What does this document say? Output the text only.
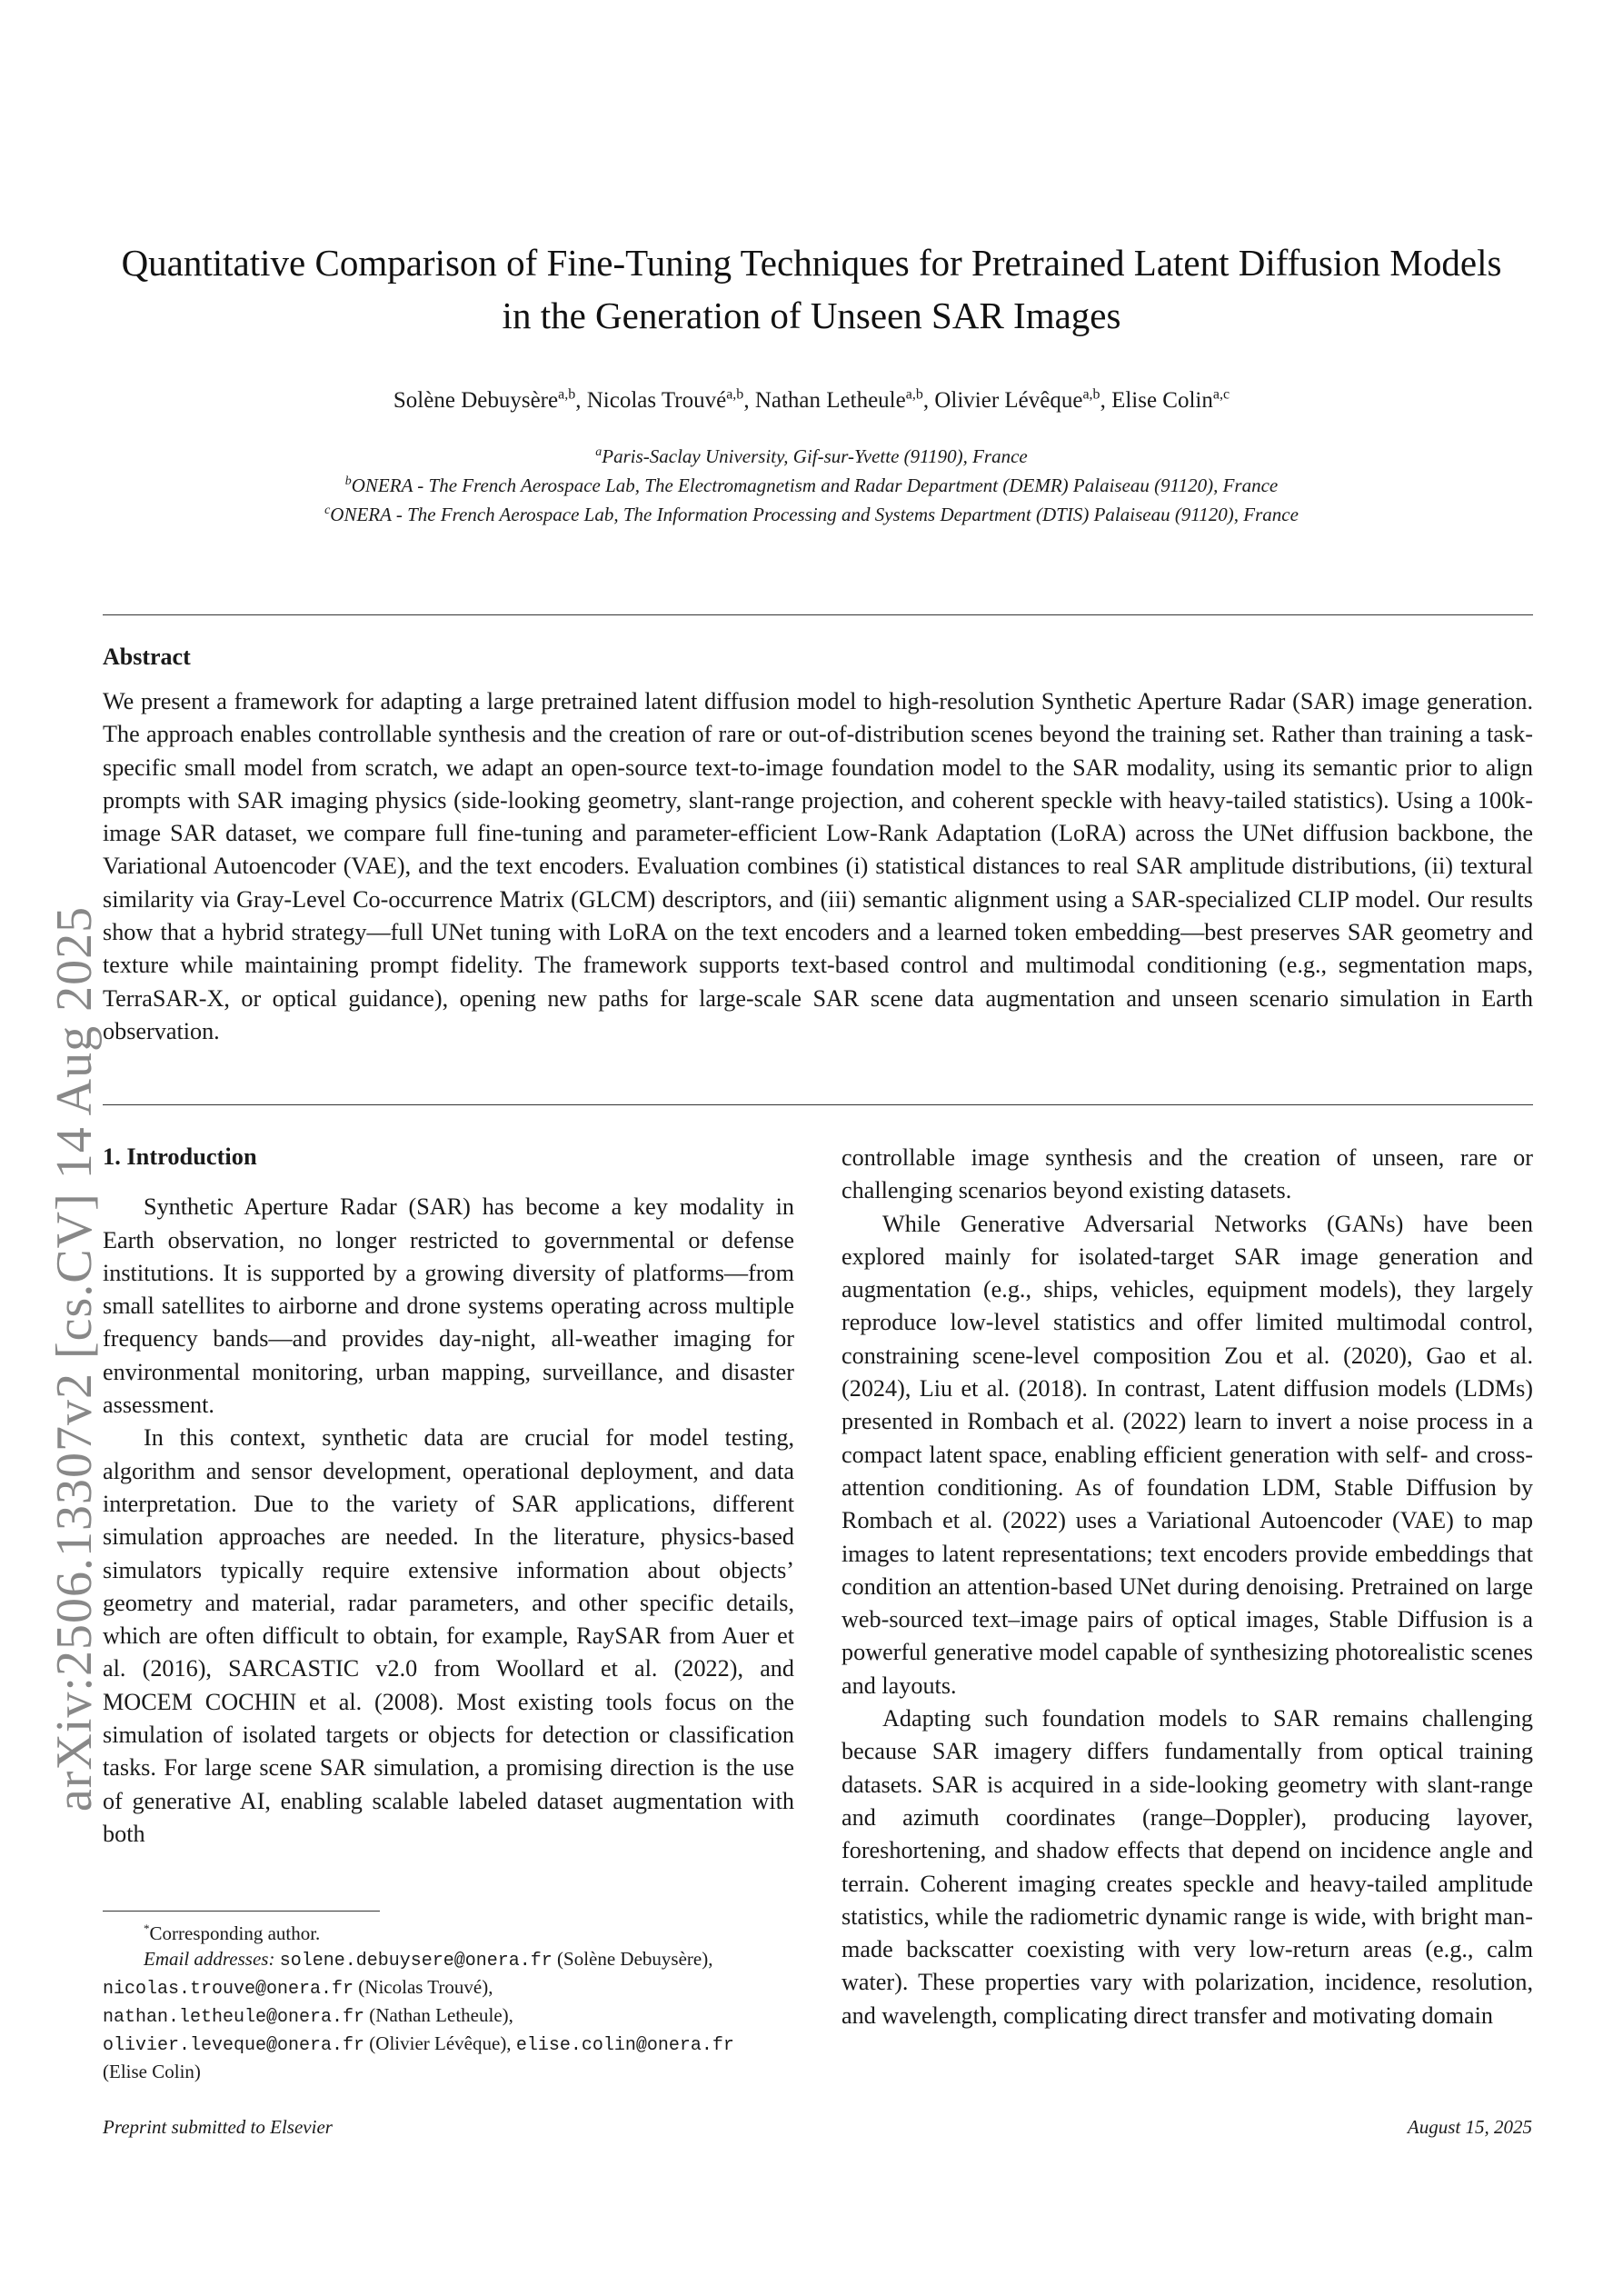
arXiv:2506.13307v2 [cs.CV] 14 Aug 2025
Quantitative Comparison of Fine-Tuning Techniques for Pretrained Latent Diffusion Models
in the Generation of Unseen SAR Images
Solène Debuysère$^{a,b}$, Nicolas Trouvé$^{a,b}$, Nathan Letheule$^{a,b}$, Olivier Lévêque$^{a,b}$, Elise Colin$^{a,c}$
$^a$Paris-Saclay University, Gif-sur-Yvette (91190), France
$^b$ONERA - The French Aerospace Lab, The Electromagnetism and Radar Department (DEMR) Palaiseau (91120), France
$^c$ONERA - The French Aerospace Lab, The Information Processing and Systems Department (DTIS) Palaiseau (91120), France
Abstract
We present a framework for adapting a large pretrained latent diffusion model to high-resolution Synthetic Aperture Radar (SAR) image generation. The approach enables controllable synthesis and the creation of rare or out-of-distribution scenes beyond the training set. Rather than training a task-specific small model from scratch, we adapt an open-source text-to-image foundation model to the SAR modality, using its semantic prior to align prompts with SAR imaging physics (side-looking geometry, slant-range projection, and coherent speckle with heavy-tailed statistics). Using a 100k-image SAR dataset, we compare full fine-tuning and parameter-efficient Low-Rank Adaptation (LoRA) across the UNet diffusion backbone, the Variational Autoencoder (VAE), and the text encoders. Evaluation combines (i) statistical distances to real SAR amplitude distributions, (ii) textural similarity via Gray-Level Co-occurrence Matrix (GLCM) descriptors, and (iii) semantic alignment using a SAR-specialized CLIP model. Our results show that a hybrid strategy—full UNet tuning with LoRA on the text encoders and a learned token embedding—best preserves SAR geometry and texture while maintaining prompt fidelity. The framework supports text-based control and multimodal conditioning (e.g., segmentation maps, TerraSAR-X, or optical guidance), opening new paths for large-scale SAR scene data augmentation and unseen scenario simulation in Earth observation.
1. Introduction

Synthetic Aperture Radar (SAR) has become a key modality in Earth observation, no longer restricted to governmental or defense institutions. It is supported by a growing diversity of platforms—from small satellites to airborne and drone systems operating across multiple frequency bands—and provides day-night, all-weather imaging for environmental monitoring, urban mapping, surveillance, and disaster assessment.

In this context, synthetic data are crucial for model testing, algorithm and sensor development, operational deployment, and data interpretation. Due to the variety of SAR applications, different simulation approaches are needed. In the literature, physics-based simulators typically require extensive information about objects’ geometry and material, radar parameters, and other specific details, which are often difficult to obtain, for example, RaySAR from Auer et al. (2016), SARCASTIC v2.0 from Woollard et al. (2022), and MOCEM COCHIN et al. (2008). Most existing tools focus on the simulation of isolated targets or objects for detection or classification tasks. For large scene SAR simulation, a promising direction is the use of generative AI, enabling scalable labeled dataset augmentation with both

controllable image synthesis and the creation of unseen, rare or challenging scenarios beyond existing datasets.

While Generative Adversarial Networks (GANs) have been explored mainly for isolated-target SAR image generation and augmentation (e.g., ships, vehicles, equipment models), they largely reproduce low-level statistics and offer limited multimodal control, constraining scene-level composition Zou et al. (2020), Gao et al. (2024), Liu et al. (2018). In contrast, Latent diffusion models (LDMs) presented in Rombach et al. (2022) learn to invert a noise process in a compact latent space, enabling efficient generation with self- and cross-attention conditioning. As of foundation LDM, Stable Diffusion by Rombach et al. (2022) uses a Variational Autoencoder (VAE) to map images to latent representations; text encoders provide embeddings that condition an attention-based UNet during denoising. Pretrained on large web-sourced text–image pairs of optical images, Stable Diffusion is a powerful generative model capable of synthesizing photorealistic scenes and layouts.

Adapting such foundation models to SAR remains challenging because SAR imagery differs fundamentally from optical training datasets. SAR is acquired in a side-looking geometry with slant-range and azimuth coordinates (range–Doppler), producing layover, foreshortening, and shadow effects that depend on incidence angle and terrain. Coherent imaging creates speckle and heavy-tailed amplitude statistics, while the radiometric dynamic range is wide, with bright man-made backscatter coexisting with very low-return areas (e.g., calm water). These properties vary with polarization, incidence, resolution, and wavelength, complicating direct transfer and motivating domain

*Corresponding author.
Email addresses: solene.debuysere@onera.fr (Solène Debuysère),
nicolas.trouve@onera.fr (Nicolas Trouvé),
nathan.letheule@onera.fr (Nathan Letheule),
olivier.leveque@onera.fr (Olivier Lévêque), elise.colin@onera.fr
(Elise Colin)
Preprint submitted to Elsevier	August 15, 2025
